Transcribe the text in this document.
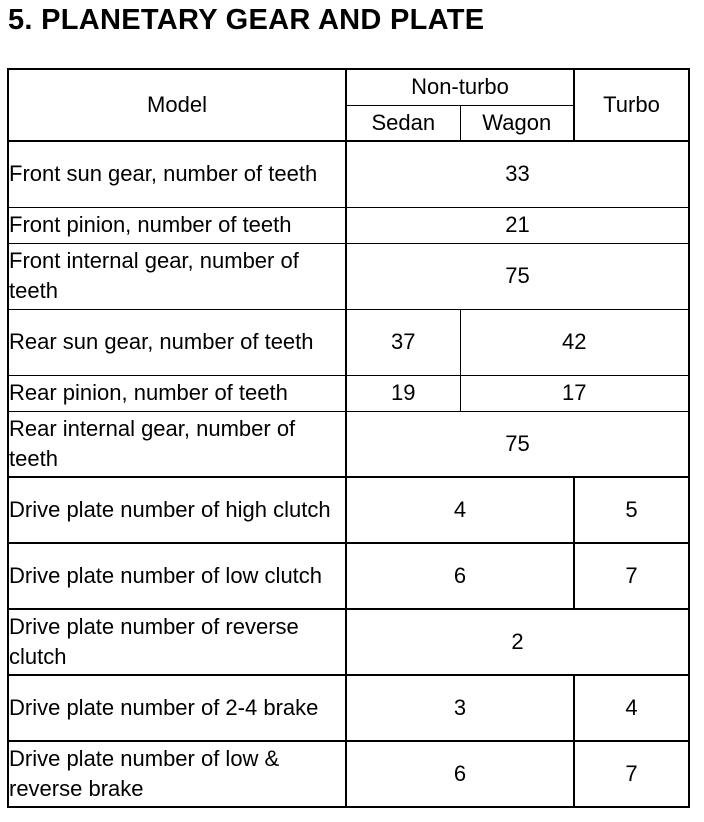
5. PLANETARY GEAR AND PLATE
Model	Non-turbo		Turbo
	Sedan	Wagon	
Front sun gear, number of teeth	33		
Front pinion, number of teeth	21		
Front internal gear, number of teeth	75		
Rear sun gear, number of teeth	37	42	
Rear pinion, number of teeth	19	17	
Rear internal gear, number of teeth	75		
Drive plate number of high clutch	4		5
Drive plate number of low clutch	6		7
Drive plate number of reverse clutch	2		
Drive plate number of 2-4 brake	3		4
Drive plate number of low & reverse brake	6		7
